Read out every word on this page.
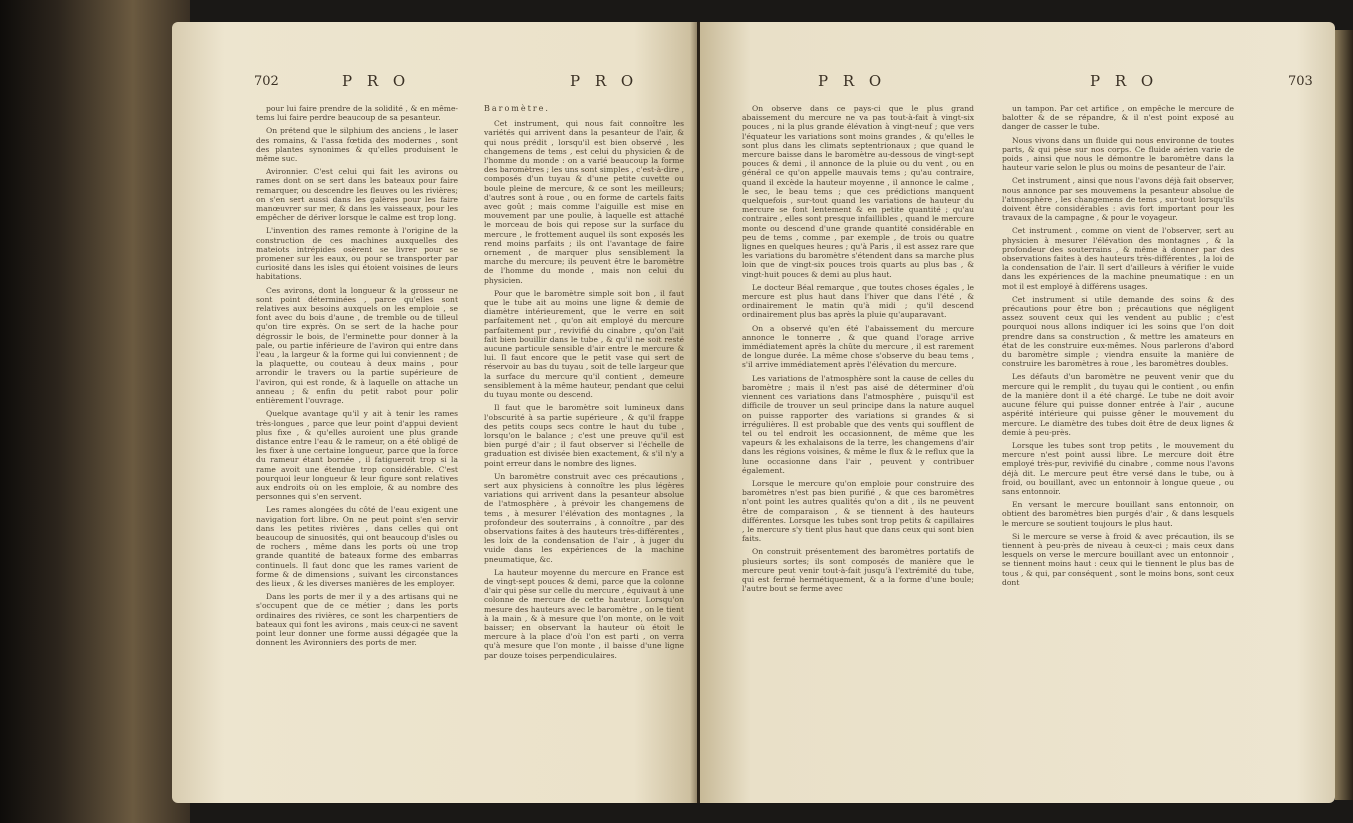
702	P R O	P R O

pour lui faire prendre de la solidité , & en même-tems lui faire perdre beaucoup de sa pesanteur.

On prétend que le silphium des anciens , le laser des romains, & l'assa fœtida des modernes , sont des plantes synonimes & qu'elles produisent le même suc.

Avironnier. C'est celui qui fait les avirons ou rames dont on se sert dans les bateaux pour faire remarquer, ou descendre les fleuves ou les rivières; on s'en sert aussi dans les galères pour les faire manœuvrer sur mer, & dans les vaisseaux, pour les empêcher de dériver lorsque le calme est trop long.

L'invention des rames remonte à l'origine de la construction de ces machines auxquelles des mateiots intrépides osèrent se livrer pour se promener sur les eaux, ou pour se transporter par curiosité dans les isles qui étoient voisines de leurs habitations.

Ces avirons, dont la longueur & la grosseur ne sont point déterminées , parce qu'elles sont relatives aux besoins auxquels on les emploie , se font avec du bois d'aune , de tremble ou de tilleul qu'on tire exprès. On se sert de la hache pour dégrossir le bois, de l'erminette pour donner à la pale, ou partie inférieure de l'aviron qui entre dans l'eau , la largeur & la forme qui lui conviennent ; de la plaquette, ou couteau à deux mains , pour arrondir le travers ou la partie supérieure de l'aviron, qui est ronde, & à laquelle on attache un anneau ; & enfin du petit rabot pour polir entièrement l'ouvrage.

Quelque avantage qu'il y ait à tenir les rames très-longues , parce que leur point d'appui devient plus fixe , & qu'elles auroient une plus grande distance entre l'eau & le rameur, on a été obligé de les fixer à une certaine longueur, parce que la force du rameur étant bornée , il fatigueroit trop si la rame avoit une étendue trop considérable. C'est pourquoi leur longueur & leur figure sont relatives aux endroits où on les emploie, & au nombre des personnes qui s'en servent.

Les rames alongées du côté de l'eau exigent une navigation fort libre. On ne peut point s'en servir dans les petites rivières , dans celles qui ont beaucoup de sinuosités, qui ont beaucoup d'isles ou de rochers , même dans les ports où une trop grande quantité de bateaux forme des embarras continuels. Il faut donc que les rames varient de forme & de dimensions , suivant les circonstances des lieux , & les diverses manières de les employer.

Dans les ports de mer il y a des artisans qui ne s'occupent que de ce métier ; dans les ports ordinaires des rivières, ce sont les charpentiers de bateaux qui font les avirons , mais ceux-ci ne savent point leur donner une forme aussi dégagée que la donnent les Avironniers des ports de mer.

Baromètre.

Cet instrument, qui nous fait connoître les variétés qui arrivent dans la pesanteur de l'air, & qui nous prédit , lorsqu'il est bien observé , les changemens de tems , est celui du physicien & de l'homme du monde : on a varié beaucoup la forme des baromètres ; les uns sont simples , c'est-à-dire , composés d'un tuyau & d'une petite cuvette ou boule pleine de mercure, & ce sont les meilleurs; d'autres sont à roue , ou en forme de cartels faits avec goût ; mais comme l'aiguille est mise en mouvement par une poulie, à laquelle est attaché le morceau de bois qui repose sur la surface du mercure , le frottement auquel ils sont exposés les rend moins parfaits ; ils ont l'avantage de faire ornement , de marquer plus sensiblement la marche du mercure; ils peuvent être le baromètre de l'homme du monde , mais non celui du physicien.

Pour que le baromètre simple soit bon , il faut que le tube ait au moins une ligne & demie de diamètre intérieurement, que le verre en soit parfaitement net , qu'on ait employé du mercure parfaitement pur , revivifié du cinabre , qu'on l'ait fait bien bouillir dans le tube , & qu'il ne soit resté aucune particule sensible d'air entre le mercure & lui. Il faut encore que le petit vase qui sert de réservoir au bas du tuyau , soit de telle largeur que la surface du mercure qu'il contient , demeure sensiblement à la même hauteur, pendant que celui du tuyau monte ou descend.

Il faut que le baromètre soit lumineux dans l'obscurité à sa partie supérieure , & qu'il frappe des petits coups secs contre le haut du tube , lorsqu'on le balance ; c'est une preuve qu'il est bien purgé d'air ; il faut observer si l'échelle de graduation est divisée bien exactement, & s'il n'y a point erreur dans le nombre des lignes.

Un baromètre construit avec ces précautions , sert aux physiciens à connoître les plus légères variations qui arrivent dans la pesanteur absolue de l'atmosphère , à prévoir les changemens de tems , à mesurer l'élévation des montagnes , la profondeur des souterrains , à connoître , par des observations faites à des hauteurs très-différentes , les loix de la condensation de l'air , à juger du vuide dans les expériences de la machine pneumatique, &c.

La hauteur moyenne du mercure en France est de vingt-sept pouces & demi, parce que la colonne d'air qui pèse sur celle du mercure , équivaut à une colonne de mercure de cette hauteur. Lorsqu'on mesure des hauteurs avec le baromètre , on le tient à la main , & à mesure que l'on monte, on le voit baisser; en observant la hauteur où étoit le mercure à la place d'où l'on est parti , on verra qu'à mesure que l'on monte , il baisse d'une ligne par douze toises perpendiculaires.

P R O	P R O	703

On observe dans ce pays-ci que le plus grand abaissement du mercure ne va pas tout-à-fait à vingt-six pouces , ni la plus grande élévation à vingt-neuf ; que vers l'équateur les variations sont moins grandes , & qu'elles le sont plus dans les climats septentrionaux ; que quand le mercure baisse dans le baromètre au-dessous de vingt-sept pouces & demi , il annonce de la pluie ou du vent , ou en général ce qu'on appelle mauvais tems ; qu'au contraire, quand il excède la hauteur moyenne , il annonce le calme , le sec, le beau tems ; que ces prédictions manquent quelquefois , sur-tout quand les variations de hauteur du mercure se font lentement & en petite quantité ; qu'au contraire , elles sont presque infaillibles , quand le mercure monte ou descend d'une grande quantité considérable en peu de tems , comme , par exemple , de trois ou quatre lignes en quelques heures ; qu'à Paris , il est assez rare que les variations du baromètre s'étendent dans sa marche plus loin que de vingt-six pouces trois quarts au plus bas , & vingt-huit pouces & demi au plus haut.

Le docteur Béal remarque , que toutes choses égales , le mercure est plus haut dans l'hiver que dans l'été , & ordinairement le matin qu'à midi ; qu'il descend ordinairement plus bas après la pluie qu'auparavant.

On a observé qu'en été l'abaissement du mercure annonce le tonnerre , & que quand l'orage arrive immédiatement après la chûte du mercure , il est rarement de longue durée. La même chose s'observe du beau tems , s'il arrive immédiatement après l'élévation du mercure.

Les variations de l'atmosphère sont la cause de celles du baromètre ; mais il n'est pas aisé de déterminer d'où viennent ces variations dans l'atmosphère , puisqu'il est difficile de trouver un seul principe dans la nature auquel on puisse rapporter des variations si grandes & si irrégulières. Il est probable que des vents qui soufflent de tel ou tel endroit les occasionnent, de même que les vapeurs & les exhalaisons de la terre, les changemens d'air dans les régions voisines, & même le flux & le reflux que la lune occasionne dans l'air , peuvent y contribuer également.

Lorsque le mercure qu'on emploie pour construire des baromètres n'est pas bien purifié , & que ces baromètres n'ont point les autres qualités qu'on a dit , ils ne peuvent être de comparaison , & se tiennent à des hauteurs différentes. Lorsque les tubes sont trop petits & capillaires , le mercure s'y tient plus haut que dans ceux qui sont bien faits.

On construit présentement des baromètres portatifs de plusieurs sortes; ils sont composés de manière que le mercure peut venir tout-à-fait jusqu'à l'extrémité du tube, qui est fermé hermétiquement, & a la forme d'une boule; l'autre bout se ferme avec

un tampon. Par cet artifice , on empêche le mercure de balotter & de se répandre, & il n'est point exposé au danger de casser le tube.

Nous vivons dans un fluide qui nous environne de toutes parts, & qui pèse sur nos corps. Ce fluide aérien varie de poids , ainsi que nous le démontre le baromètre dans la hauteur varie selon le plus ou moins de pesanteur de l'air.

Cet instrument , ainsi que nous l'avons déjà fait observer, nous annonce par ses mouvemens la pesanteur absolue de l'atmosphère , les changemens de tems , sur-tout lorsqu'ils doivent être considérables : avis fort important pour les travaux de la campagne , & pour le voyageur.

Cet instrument , comme on vient de l'observer, sert au physicien à mesurer l'élévation des montagnes , & la profondeur des souterrains , & même à donner par des observations faites à des hauteurs très-différentes , la loi de la condensation de l'air. Il sert d'ailleurs à vérifier le vuide dans les expériences de la machine pneumatique : en un mot il est employé à différens usages.

Cet instrument si utile demande des soins & des précautions pour être bon ; précautions que négligent assez souvent ceux qui les vendent au public ; c'est pourquoi nous allons indiquer ici les soins que l'on doit prendre dans sa construction , & mettre les amateurs en état de les construire eux-mêmes. Nous parlerons d'abord du baromètre simple ; viendra ensuite la manière de construire les baromètres à roue , les baromètres doubles.

Les défauts d'un baromètre ne peuvent venir que du mercure qui le remplit , du tuyau qui le contient , ou enfin de la manière dont il a été chargé. Le tube ne doit avoir aucune félure qui puisse donner entrée à l'air , aucune aspérité intérieure qui puisse gêner le mouvement du mercure. Le diamètre des tubes doit être de deux lignes & demie à peu-près.

Lorsque les tubes sont trop petits , le mouvement du mercure n'est point aussi libre. Le mercure doit être employé très-pur, revivifié du cinabre , comme nous l'avons déjà dit. Le mercure peut être versé dans le tube, ou à froid, ou bouillant, avec un entonnoir à longue queue , ou sans entonnoir.

En versant le mercure bouillant sans entonnoir, on obtient des baromètres bien purgés d'air , & dans lesquels le mercure se soutient toujours le plus haut.

Si le mercure se verse à froid & avec précaution, ils se tiennent à peu-près de niveau à ceux-ci ; mais ceux dans lesquels on verse le mercure bouillant avec un entonnoir , se tiennent moins haut : ceux qui le tiennent le plus bas de tous , & qui, par conséquent , sont le moins bons, sont ceux dont
